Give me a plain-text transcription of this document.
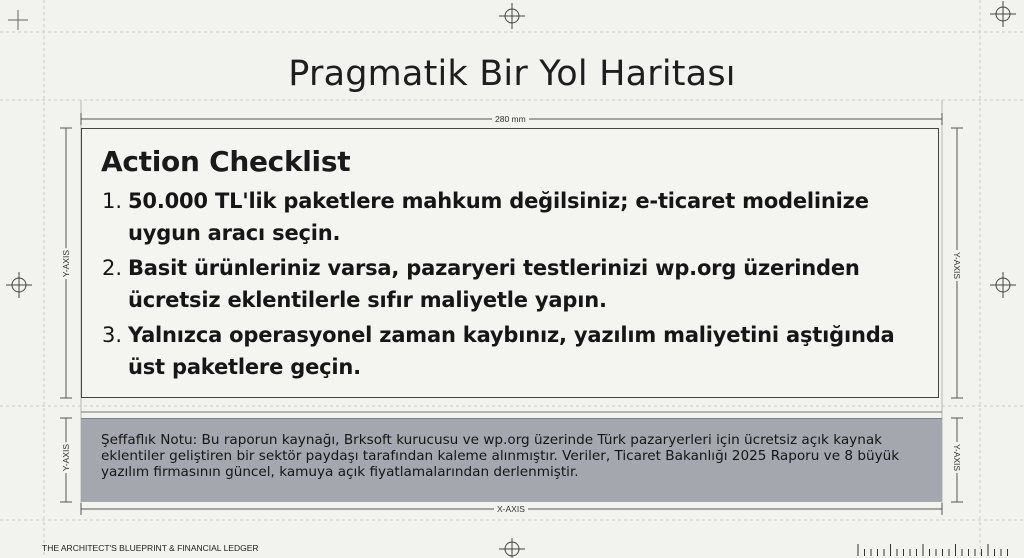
Pragmatik Bir Yol Haritası
280 mm
Y-AXIS	Y-AXIS
Y-AXIS	Y-AXIS
X-AXIS
Action Checklist
1. 50.000 TL'lik paketlere mahkum değilsiniz; e-ticaret modelinize uygun aracı seçin.
2. Basit ürünleriniz varsa, pazaryeri testlerinizi wp.org üzerinden ücretsiz eklentilerle sıfır maliyetle yapın.
3. Yalnızca operasyonel zaman kaybınız, yazılım maliyetini aştığında üst paketlere geçin.

Şeffaflık Notu: Bu raporun kaynağı, Brksoft kurucusu ve wp.org üzerinde Türk pazaryerleri için ücretsiz açık kaynak eklentiler geliştiren bir sektör paydaşı tarafından kaleme alınmıştır. Veriler, Ticaret Bakanlığı 2025 Raporu ve 8 büyük yazılım firmasının güncel, kamuya açık fiyatlamalarından derlenmiştir.

THE ARCHITECT'S BLUEPRINT & FINANCIAL LEDGER
